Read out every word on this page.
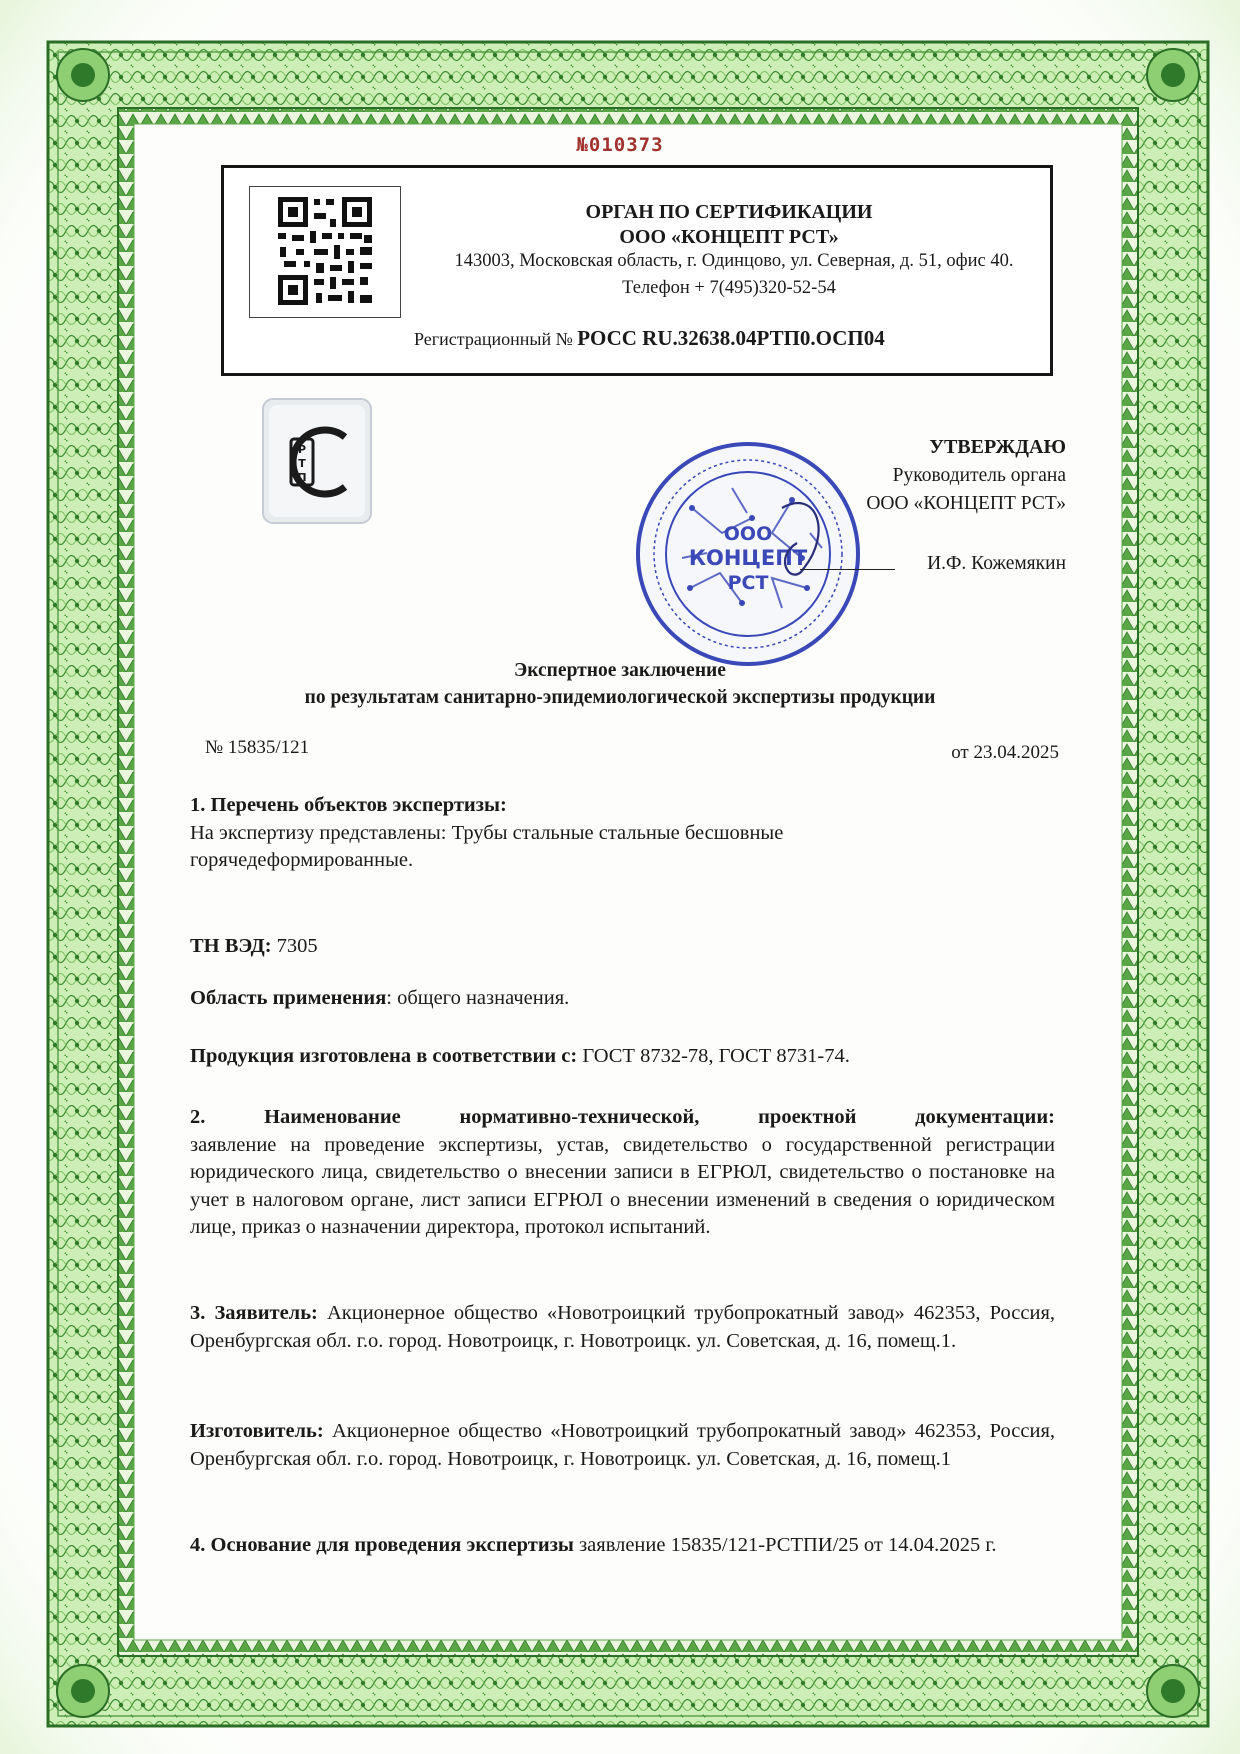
№010373
ОРГАН ПО СЕРТИФИКАЦИИ
ООО «КОНЦЕПТ РСТ»
143003, Московская область, г. Одинцово, ул. Северная, д. 51, офис 40.
Телефон + 7(495)320-52-54
Регистрационный № РОСС RU.32638.04РТП0.ОСП04
Р
Т
П
ООО
КОНЦЕПТ
РСТ
УТВЕРЖДАЮ
Руководитель органа
ООО «КОНЦЕПТ РСТ»
И.Ф. Кожемякин
Экспертное заключение
по результатам санитарно-эпидемиологической экспертизы продукции
№ 15835/121	от 23.04.2025
1. Перечень объектов экспертизы:
На экспертизу представлены: Трубы стальные стальные бесшовные горячедеформированные.
ТН ВЭД: 7305
Область применения: общего назначения.
Продукция изготовлена в соответствии с: ГОСТ 8732-78, ГОСТ 8731-74.
2. Наименование нормативно-технической, проектной документации:
заявление на проведение экспертизы, устав, свидетельство о государственной регистрации юридического лица, свидетельство о внесении записи в ЕГРЮЛ, свидетельство о постановке на учет в налоговом органе, лист записи ЕГРЮЛ о внесении изменений в сведения о юридическом лице, приказ о назначении директора, протокол испытаний.
3. Заявитель: Акционерное общество «Новотроицкий трубопрокатный завод» 462353, Россия, Оренбургская обл. г.о. город. Новотроицк, г. Новотроицк. ул. Советская, д. 16, помещ.1.
Изготовитель: Акционерное общество «Новотроицкий трубопрокатный завод» 462353, Россия, Оренбургская обл. г.о. город. Новотроицк, г. Новотроицк. ул. Советская, д. 16, помещ.1
4. Основание для проведения экспертизы заявление 15835/121-РСТПИ/25 от 14.04.2025 г.
